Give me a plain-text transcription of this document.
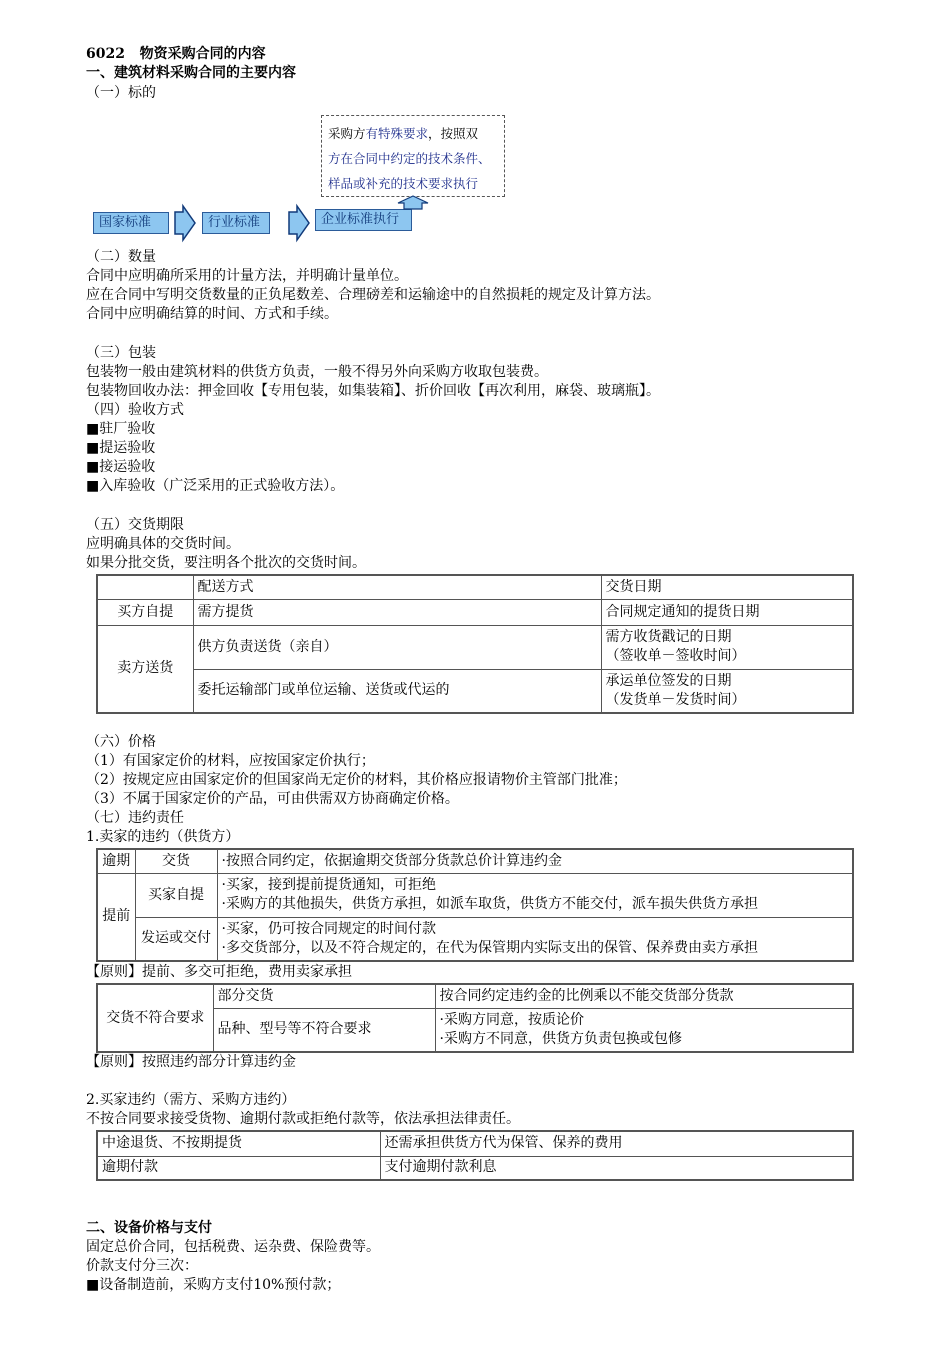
6022 物资采购合同的内容
一、建筑材料采购合同的主要内容
（一）标的
采购方有特殊要求，按照双
方在合同中约定的技术条件、
样品或补充的技术要求执行
国家标准	行业标准	企业标准执行
（二）数量
合同中应明确所采用的计量方法，并明确计量单位。
应在合同中写明交货数量的正负尾数差、合理磅差和运输途中的自然损耗的规定及计算方法。
合同中应明确结算的时间、方式和手续。
（三）包装
包装物一般由建筑材料的供货方负责，一般不得另外向采购方收取包装费。
包装物回收办法：押金回收【专用包装，如集装箱】、折价回收【再次利用，麻袋、玻璃瓶】。
（四）验收方式
■驻厂验收
■提运验收
■接运验收
■入库验收（广泛采用的正式验收方法）。
（五）交货期限
应明确具体的交货时间。
如果分批交货，要注明各个批次的交货时间。
	配送方式	交货日期
买方自提	需方提货	合同规定通知的提货日期
卖方送货	供方负责送货（亲自）	需方收货戳记的日期
（签收单－签收时间）

	委托运输部门或单位运输、送货或代运的	承运单位签发的日期
（发货单－发货时间）
（六）价格
（1）有国家定价的材料，应按国家定价执行；
（2）按规定应由国家定价的但国家尚无定价的材料，其价格应报请物价主管部门批准；
（3）不属于国家定价的产品，可由供需双方协商确定价格。
（七）违约责任
1.卖家的违约（供货方）
逾期	交货	·按照合同约定，依据逾期交货部分货款总价计算违约金
提前	买家自提	·买家，接到提前提货通知，可拒绝
·采购方的其他损失，供货方承担，如派车取货，供货方不能交付，派车损失供货方承担

	发运或交付	·买家，仍可按合同规定的时间付款
·多交货部分，以及不符合规定的，在代为保管期内实际支出的保管、保养费由卖方承担
【原则】提前、多交可拒绝，费用卖家承担
交货不符合要求	部分交货	按合同约定违约金的比例乘以不能交货部分货款
	品种、型号等不符合要求	·采购方同意，按质论价
·采购方不同意，供货方负责包换或包修
【原则】按照违约部分计算违约金
2.买家违约（需方、采购方违约）
不按合同要求接受货物、逾期付款或拒绝付款等，依法承担法律责任。
中途退货、不按期提货	还需承担供货方代为保管、保养的费用
逾期付款	支付逾期付款利息
二、设备价格与支付
固定总价合同，包括税费、运杂费、保险费等。
价款支付分三次：
■设备制造前，采购方支付10%预付款；
